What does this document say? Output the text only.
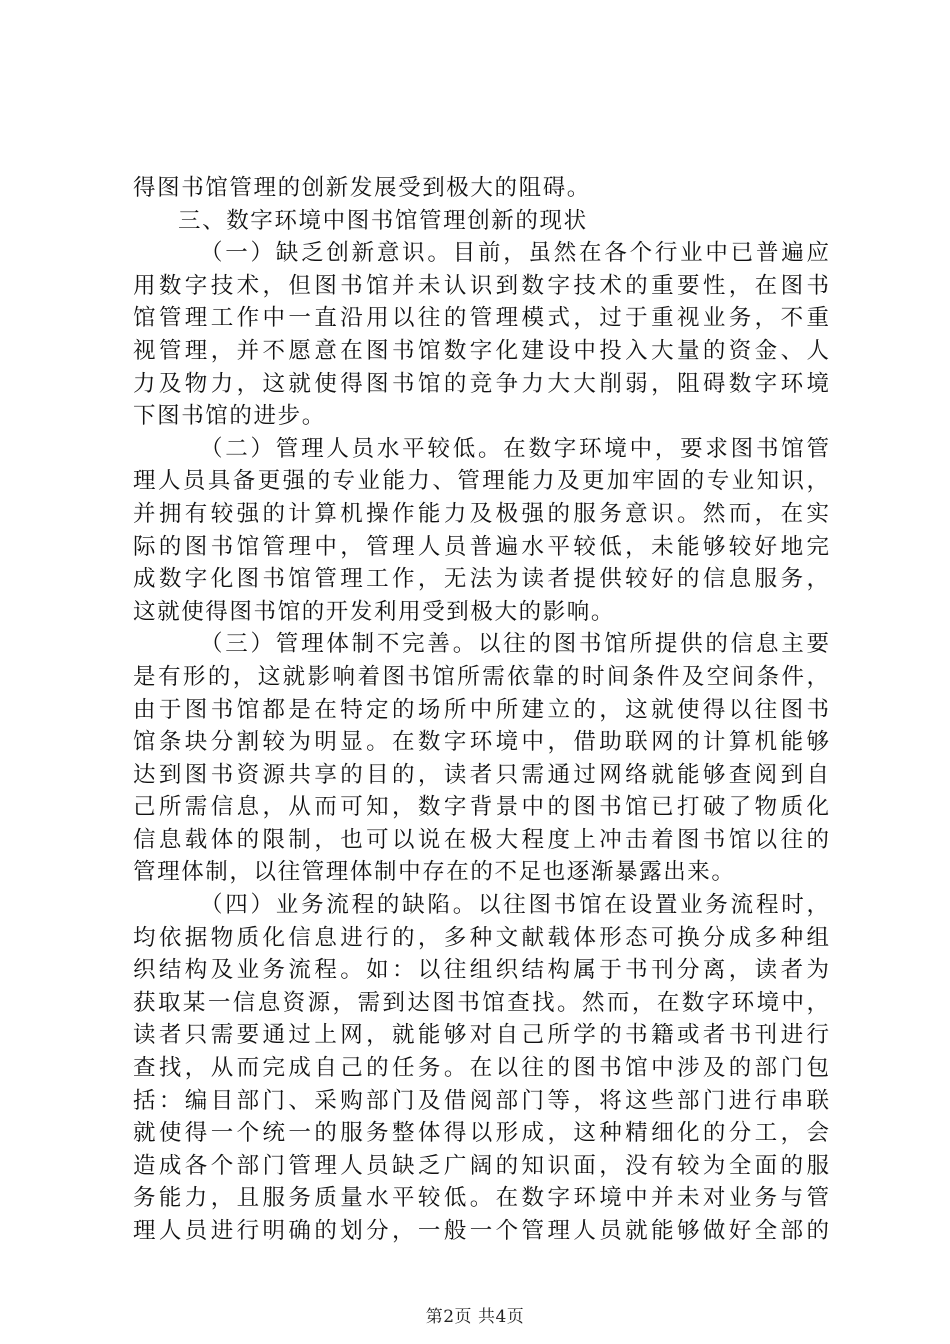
得图书馆管理的创新发展受到极大的阻碍。
三、数字环境中图书馆管理创新的现状
（一）缺乏创新意识。目前，虽然在各个行业中已普遍应
用数字技术，但图书馆并未认识到数字技术的重要性，在图书
馆管理工作中一直沿用以往的管理模式，过于重视业务，不重
视管理，并不愿意在图书馆数字化建设中投入大量的资金、人
力及物力，这就使得图书馆的竞争力大大削弱，阻碍数字环境
下图书馆的进步。
（二）管理人员水平较低。在数字环境中，要求图书馆管
理人员具备更强的专业能力、管理能力及更加牢固的专业知识，
并拥有较强的计算机操作能力及极强的服务意识。然而，在实
际的图书馆管理中，管理人员普遍水平较低，未能够较好地完
成数字化图书馆管理工作，无法为读者提供较好的信息服务，
这就使得图书馆的开发利用受到极大的影响。
（三）管理体制不完善。以往的图书馆所提供的信息主要
是有形的，这就影响着图书馆所需依靠的时间条件及空间条件，
由于图书馆都是在特定的场所中所建立的，这就使得以往图书
馆条块分割较为明显。在数字环境中，借助联网的计算机能够
达到图书资源共享的目的，读者只需通过网络就能够查阅到自
己所需信息，从而可知，数字背景中的图书馆已打破了物质化
信息载体的限制，也可以说在极大程度上冲击着图书馆以往的
管理体制，以往管理体制中存在的不足也逐渐暴露出来。
（四）业务流程的缺陷。以往图书馆在设置业务流程时，
均依据物质化信息进行的，多种文献载体形态可换分成多种组
织结构及业务流程。如：以往组织结构属于书刊分离，读者为
获取某一信息资源，需到达图书馆查找。然而，在数字环境中，
读者只需要通过上网，就能够对自己所学的书籍或者书刊进行
查找，从而完成自己的任务。在以往的图书馆中涉及的部门包
括：编目部门、采购部门及借阅部门等，将这些部门进行串联
就使得一个统一的服务整体得以形成，这种精细化的分工，会
造成各个部门管理人员缺乏广阔的知识面，没有较为全面的服
务能力，且服务质量水平较低。在数字环境中并未对业务与管
理人员进行明确的划分，一般一个管理人员就能够做好全部的
第2页 共4页
